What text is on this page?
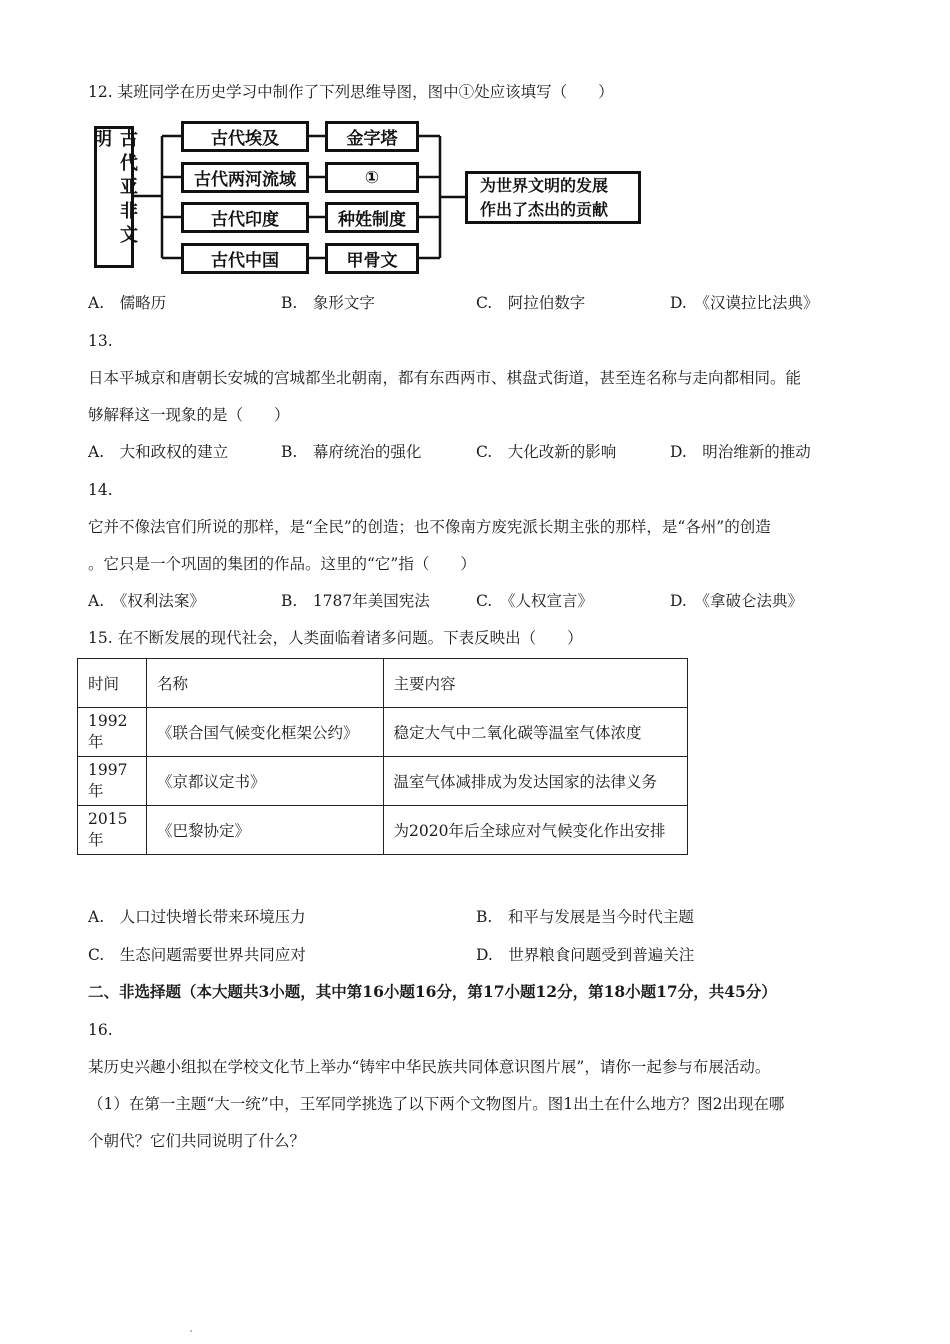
12. 某班同学在历史学习中制作了下列思维导图，图中①处应该填写（　　）
古代亚非文明	古代埃及
古代两河流域
古代印度
古代中国
金字塔
①
种姓制度
甲骨文
为世界文明的发展
作出了杰出的贡献
A.　儒略历	B.　象形文字	C.　阿拉伯数字	D.　《汉谟拉比法典》
13.
日本平城京和唐朝长安城的宫城都坐北朝南，都有东西两市、棋盘式街道，甚至连名称与走向都相同。能
够解释这一现象的是（　　）
A.　大和政权的建立	B.　幕府统治的强化	C.　大化改新的影响	D.　明治维新的推动
14.
它并不像法官们所说的那样，是“全民”的创造；也不像南方废宪派长期主张的那样，是“各州”的创造
。它只是一个巩固的集团的作品。这里的“它”指（　　）
A.　《权利法案》	B.　1787年美国宪法	C.　《人权宣言》	D.　《拿破仑法典》
15. 在不断发展的现代社会，人类面临着诸多问题。下表反映出（　　）
时间	名称	主要内容
1992年	《联合国气候变化框架公约》	稳定大气中二氧化碳等温室气体浓度
1997年	《京都议定书》	温室气体减排成为发达国家的法律义务
2015年	《巴黎协定》	为2020年后全球应对气候变化作出安排
A.　人口过快增长带来环境压力	B.　和平与发展是当今时代主题
C.　生态问题需要世界共同应对	D.　世界粮食问题受到普遍关注
二、非选择题（本大题共3小题，其中第16小题16分，第17小题12分，第18小题17分，共45分）
16.
某历史兴趣小组拟在学校文化节上举办“铸牢中华民族共同体意识图片展”，请你一起参与布展活动。
（1）在第一主题“大一统”中，王军同学挑选了以下两个文物图片。图1出土在什么地方？图2出现在哪
个朝代？它们共同说明了什么？
